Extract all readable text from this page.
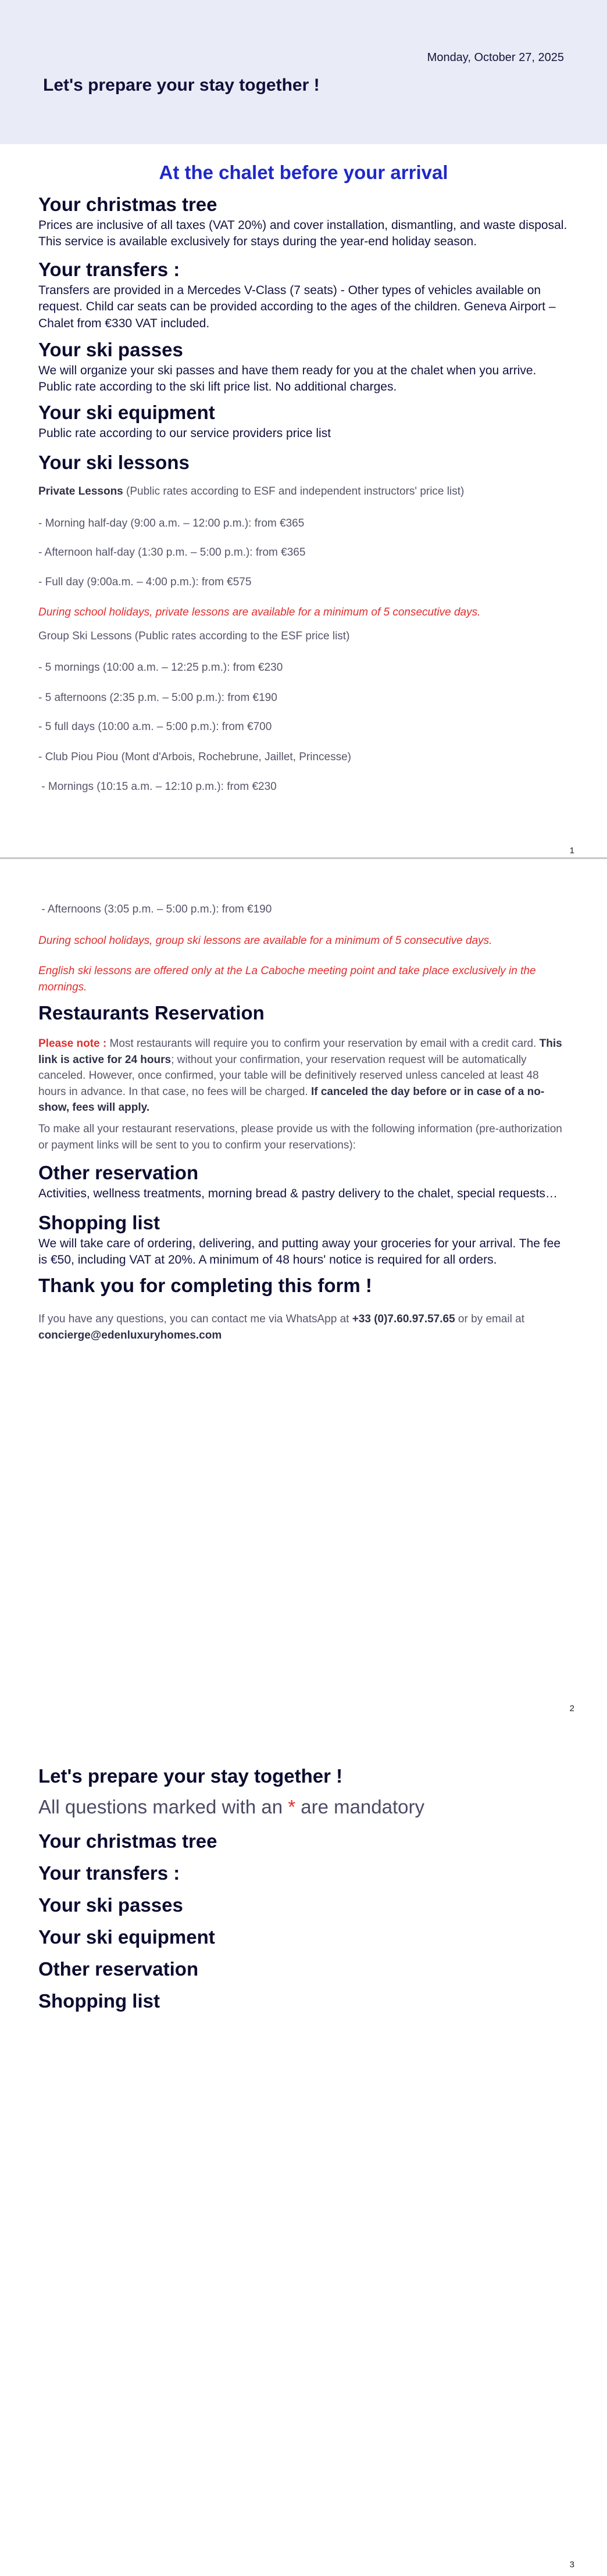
Monday, October 27, 2025
Let's prepare your stay together !
At the chalet before your arrival
Your christmas tree

Prices are inclusive of all taxes (VAT 20%) and cover installation, dismantling, and waste disposal. This service is available exclusively for stays during the year-end holiday season.

Your transfers :

Transfers are provided in a Mercedes V-Class (7 seats) - Other types of vehicles available on request. Child car seats can be provided according to the ages of the children. Geneva Airport – Chalet from €330 VAT included.

Your ski passes

We will organize your ski passes and have them ready for you at the chalet when you arrive. Public rate according to the ski lift price list. No additional charges.

Your ski equipment

Public rate according to our service providers price list

Your ski lessons

Private Lessons (Public rates according to ESF and independent instructors' price list)

- Morning half-day (9:00 a.m. – 12:00 p.m.): from €365

- Afternoon half-day (1:30 p.m. – 5:00 p.m.): from €365

- Full day (9:00a.m. – 4:00 p.m.): from €575

During school holidays, private lessons are available for a minimum of 5 consecutive days.

Group Ski Lessons (Public rates according to the ESF price list)

- 5 mornings (10:00 a.m. – 12:25 p.m.): from €230

- 5 afternoons (2:35 p.m. – 5:00 p.m.): from €190

- 5 full days (10:00 a.m. – 5:00 p.m.): from €700

- Club Piou Piou (Mont d'Arbois, Rochebrune, Jaillet, Princesse)

- Mornings (10:15 a.m. – 12:10 p.m.): from €230

1

- Afternoons (3:05 p.m. – 5:00 p.m.): from €190

During school holidays, group ski lessons are available for a minimum of 5 consecutive days.

English ski lessons are offered only at the La Caboche meeting point and take place exclusively in the mornings.

Restaurants Reservation

Please note : Most restaurants will require you to confirm your reservation by email with a credit card. This link is active for 24 hours; without your confirmation, your reservation request will be automatically canceled. However, once confirmed, your table will be definitively reserved unless canceled at least 48 hours in advance. In that case, no fees will be charged. If canceled the day before or in case of a no-show, fees will apply.

To make all your restaurant reservations, please provide us with the following information (pre-authorization or payment links will be sent to you to confirm your reservations):

Other reservation

Activities, wellness treatments, morning bread & pastry delivery to the chalet, special requests…

Shopping list

We will take care of ordering, delivering, and putting away your groceries for your arrival. The fee is €50, including VAT at 20%. A minimum of 48 hours' notice is required for all orders.

Thank you for completing this form !

If you have any questions, you can contact me via WhatsApp at +33 (0)7.60.97.57.65 or by email at
concierge@edenluxuryhomes.com

2
Let's prepare your stay together !

All questions marked with an * are mandatory

Your christmas tree
Your transfers :
Your ski passes
Your ski equipment
Other reservation
Shopping list
3
